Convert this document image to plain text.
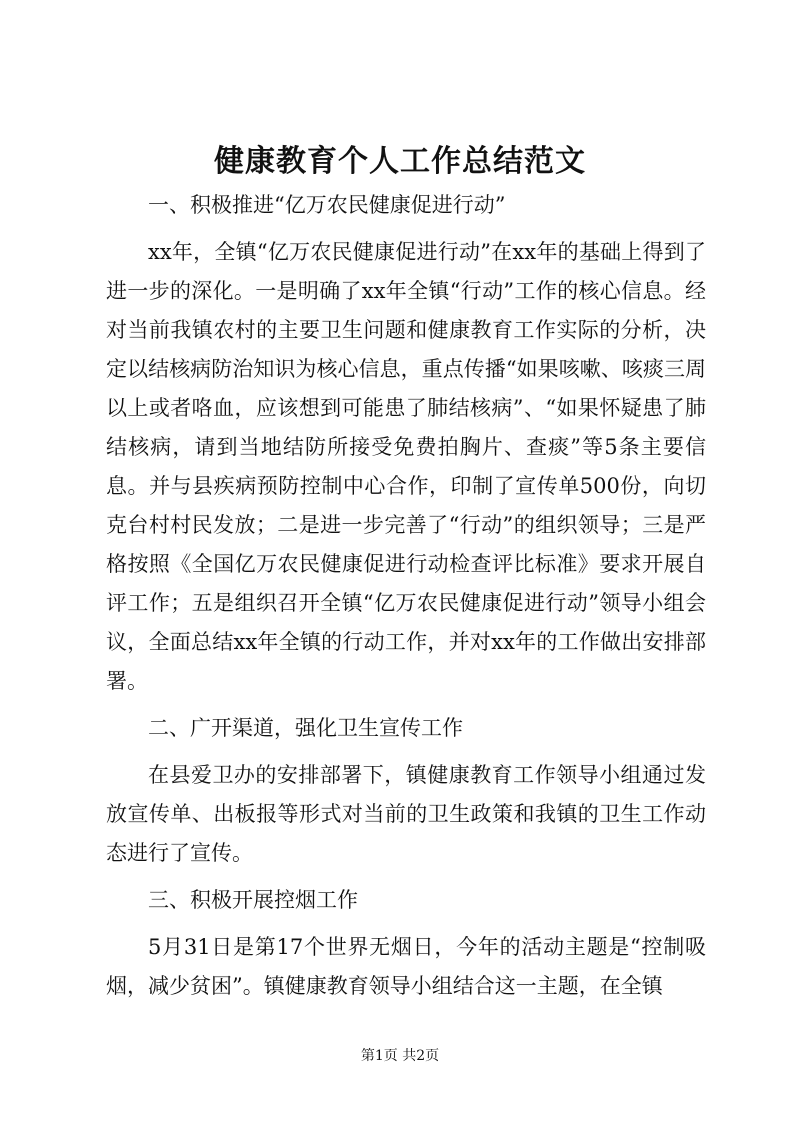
健康教育个人工作总结范文

一、积极推进“亿万农民健康促进行动”

xx年，全镇“亿万农民健康促进行动”在xx年的基础上得到了进一步的深化。一是明确了xx年全镇“行动”工作的核心信息。经对当前我镇农村的主要卫生问题和健康教育工作实际的分析，决定以结核病防治知识为核心信息，重点传播“如果咳嗽、咳痰三周以上或者咯血，应该想到可能患了肺结核病”、“如果怀疑患了肺结核病，请到当地结防所接受免费拍胸片、查痰”等5条主要信息。并与县疾病预防控制中心合作，印制了宣传单500份，向切克台村村民发放；二是进一步完善了“行动”的组织领导；三是严格按照《全国亿万农民健康促进行动检查评比标准》要求开展自评工作；五是组织召开全镇“亿万农民健康促进行动”领导小组会议，全面总结xx年全镇的行动工作，并对xx年的工作做出安排部署。

二、广开渠道，强化卫生宣传工作

在县爱卫办的安排部署下，镇健康教育工作领导小组通过发放宣传单、出板报等形式对当前的卫生政策和我镇的卫生工作动态进行了宣传。

三、积极开展控烟工作

5月31日是第17个世界无烟日，今年的活动主题是“控制吸烟，减少贫困”。镇健康教育领导小组结合这一主题，在全镇

第1页 共2页
